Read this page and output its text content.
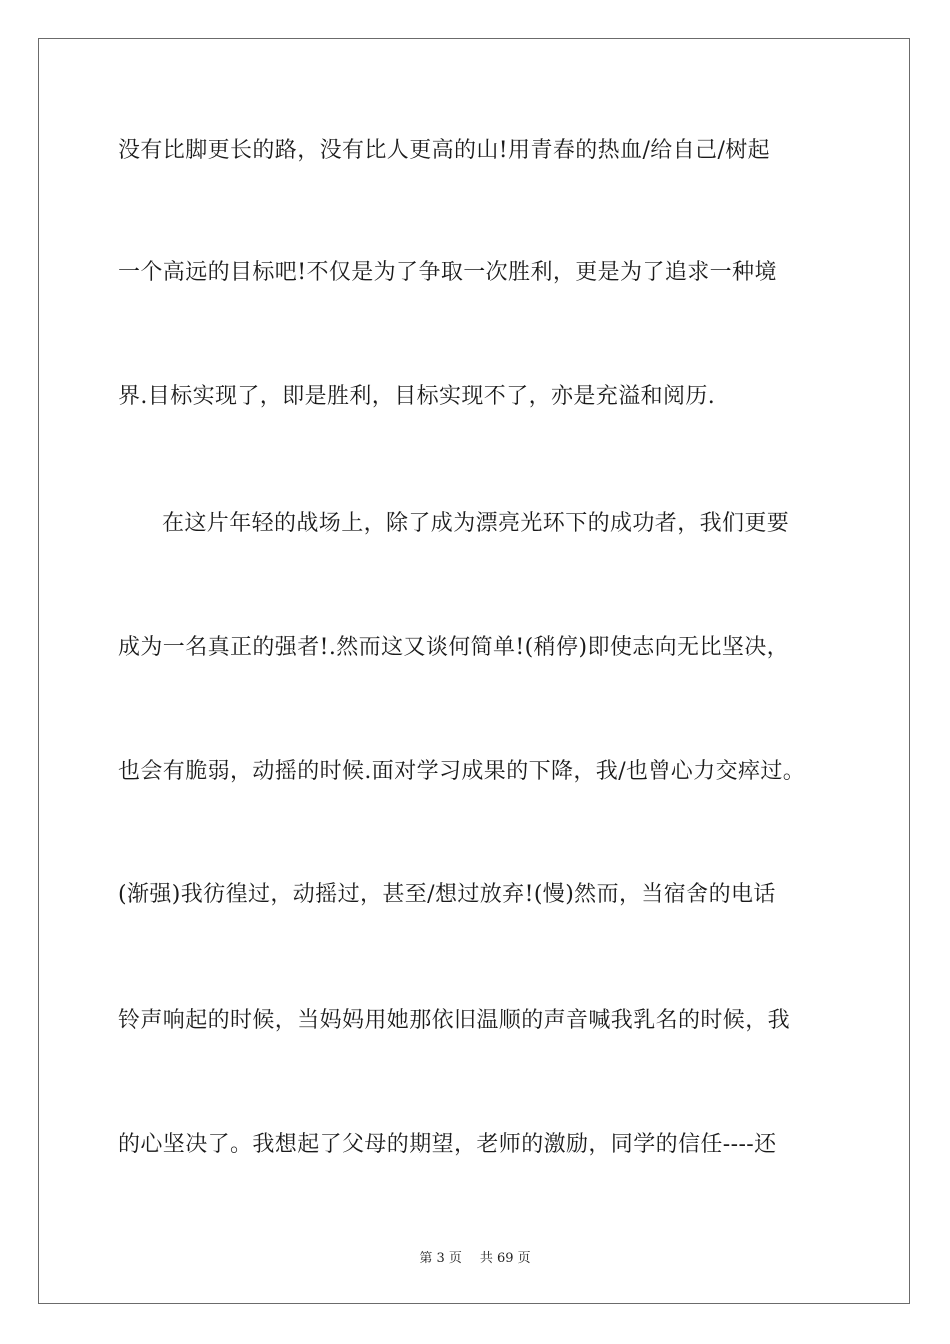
没有比脚更长的路，没有比人更高的山!用青春的热血/给自己/树起
一个高远的目标吧!不仅是为了争取一次胜利，更是为了追求一种境
界.目标实现了，即是胜利，目标实现不了，亦是充溢和阅历.
在这片年轻的战场上，除了成为漂亮光环下的成功者，我们更要
成为一名真正的强者!.然而这又谈何简单!(稍停)即使志向无比坚决，
也会有脆弱，动摇的时候.面对学习成果的下降，我/也曾心力交瘁过。
(渐强)我彷徨过，动摇过，甚至/想过放弃!(慢)然而，当宿舍的电话
铃声响起的时候，当妈妈用她那依旧温顺的声音喊我乳名的时候，我
的心坚决了。我想起了父母的期望，老师的激励，同学的信任----还
第 3 页 共 69 页
